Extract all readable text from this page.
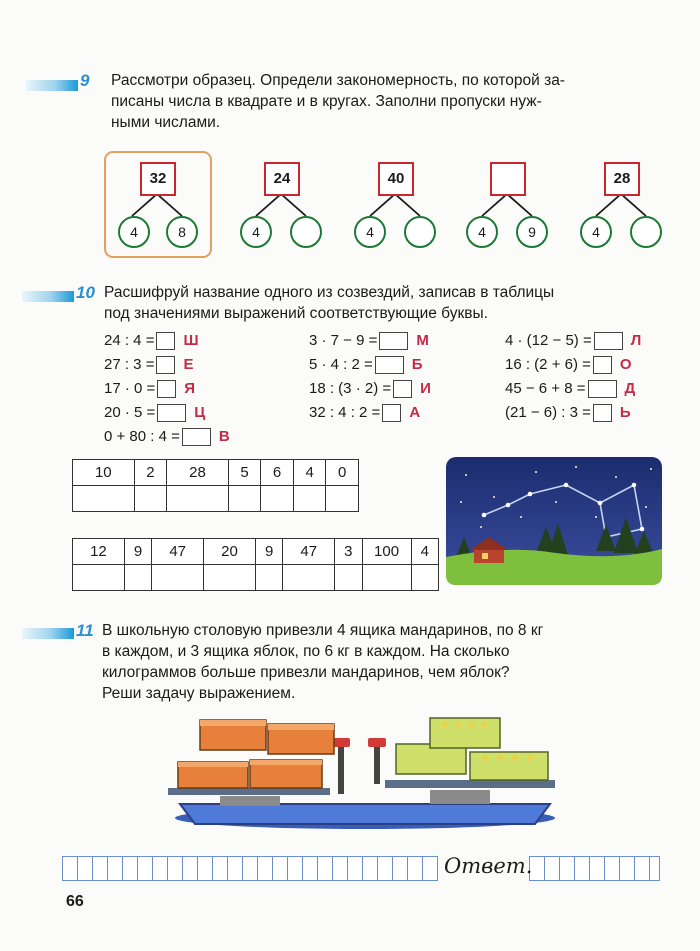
9 Рассмотри образец. Определи закономерность, по которой за-
писаны числа в квадрате и в кругах. Заполни пропуски нуж-
ными числами.
32
4	8
24
4
40
4	4	9
28
4
10 Расшифруй название одного из созвездий, записав в таблицы
под значениями выражений соответствующие буквы.
24 : 4 = Ш
27 : 3 = Е
17 · 0 = Я
20 · 5 =	Ц
0 + 80 : 4 =	В
3 · 7 − 9 =	М
5 · 4 : 2 =	Б
18 : (3 · 2) = И
32 : 4 : 2 = А
4 · (12 − 5) =	Л
16 : (2 + 6) = О
45 − 6 + 8 =	Д
(21 − 6) : 3 = Ь
10	2	28	5	6	4	0

12	9	47	20	9	47	3	100	4

11 В школьную столовую привезли 4 ящика мандаринов, по 8 кг
в каждом, и 3 ящика яблок, по 6 кг в каждом. На сколько
килограммов больше привезли мандаринов, чем яблок?
Реши задачу выражением.
Ответ.
66
